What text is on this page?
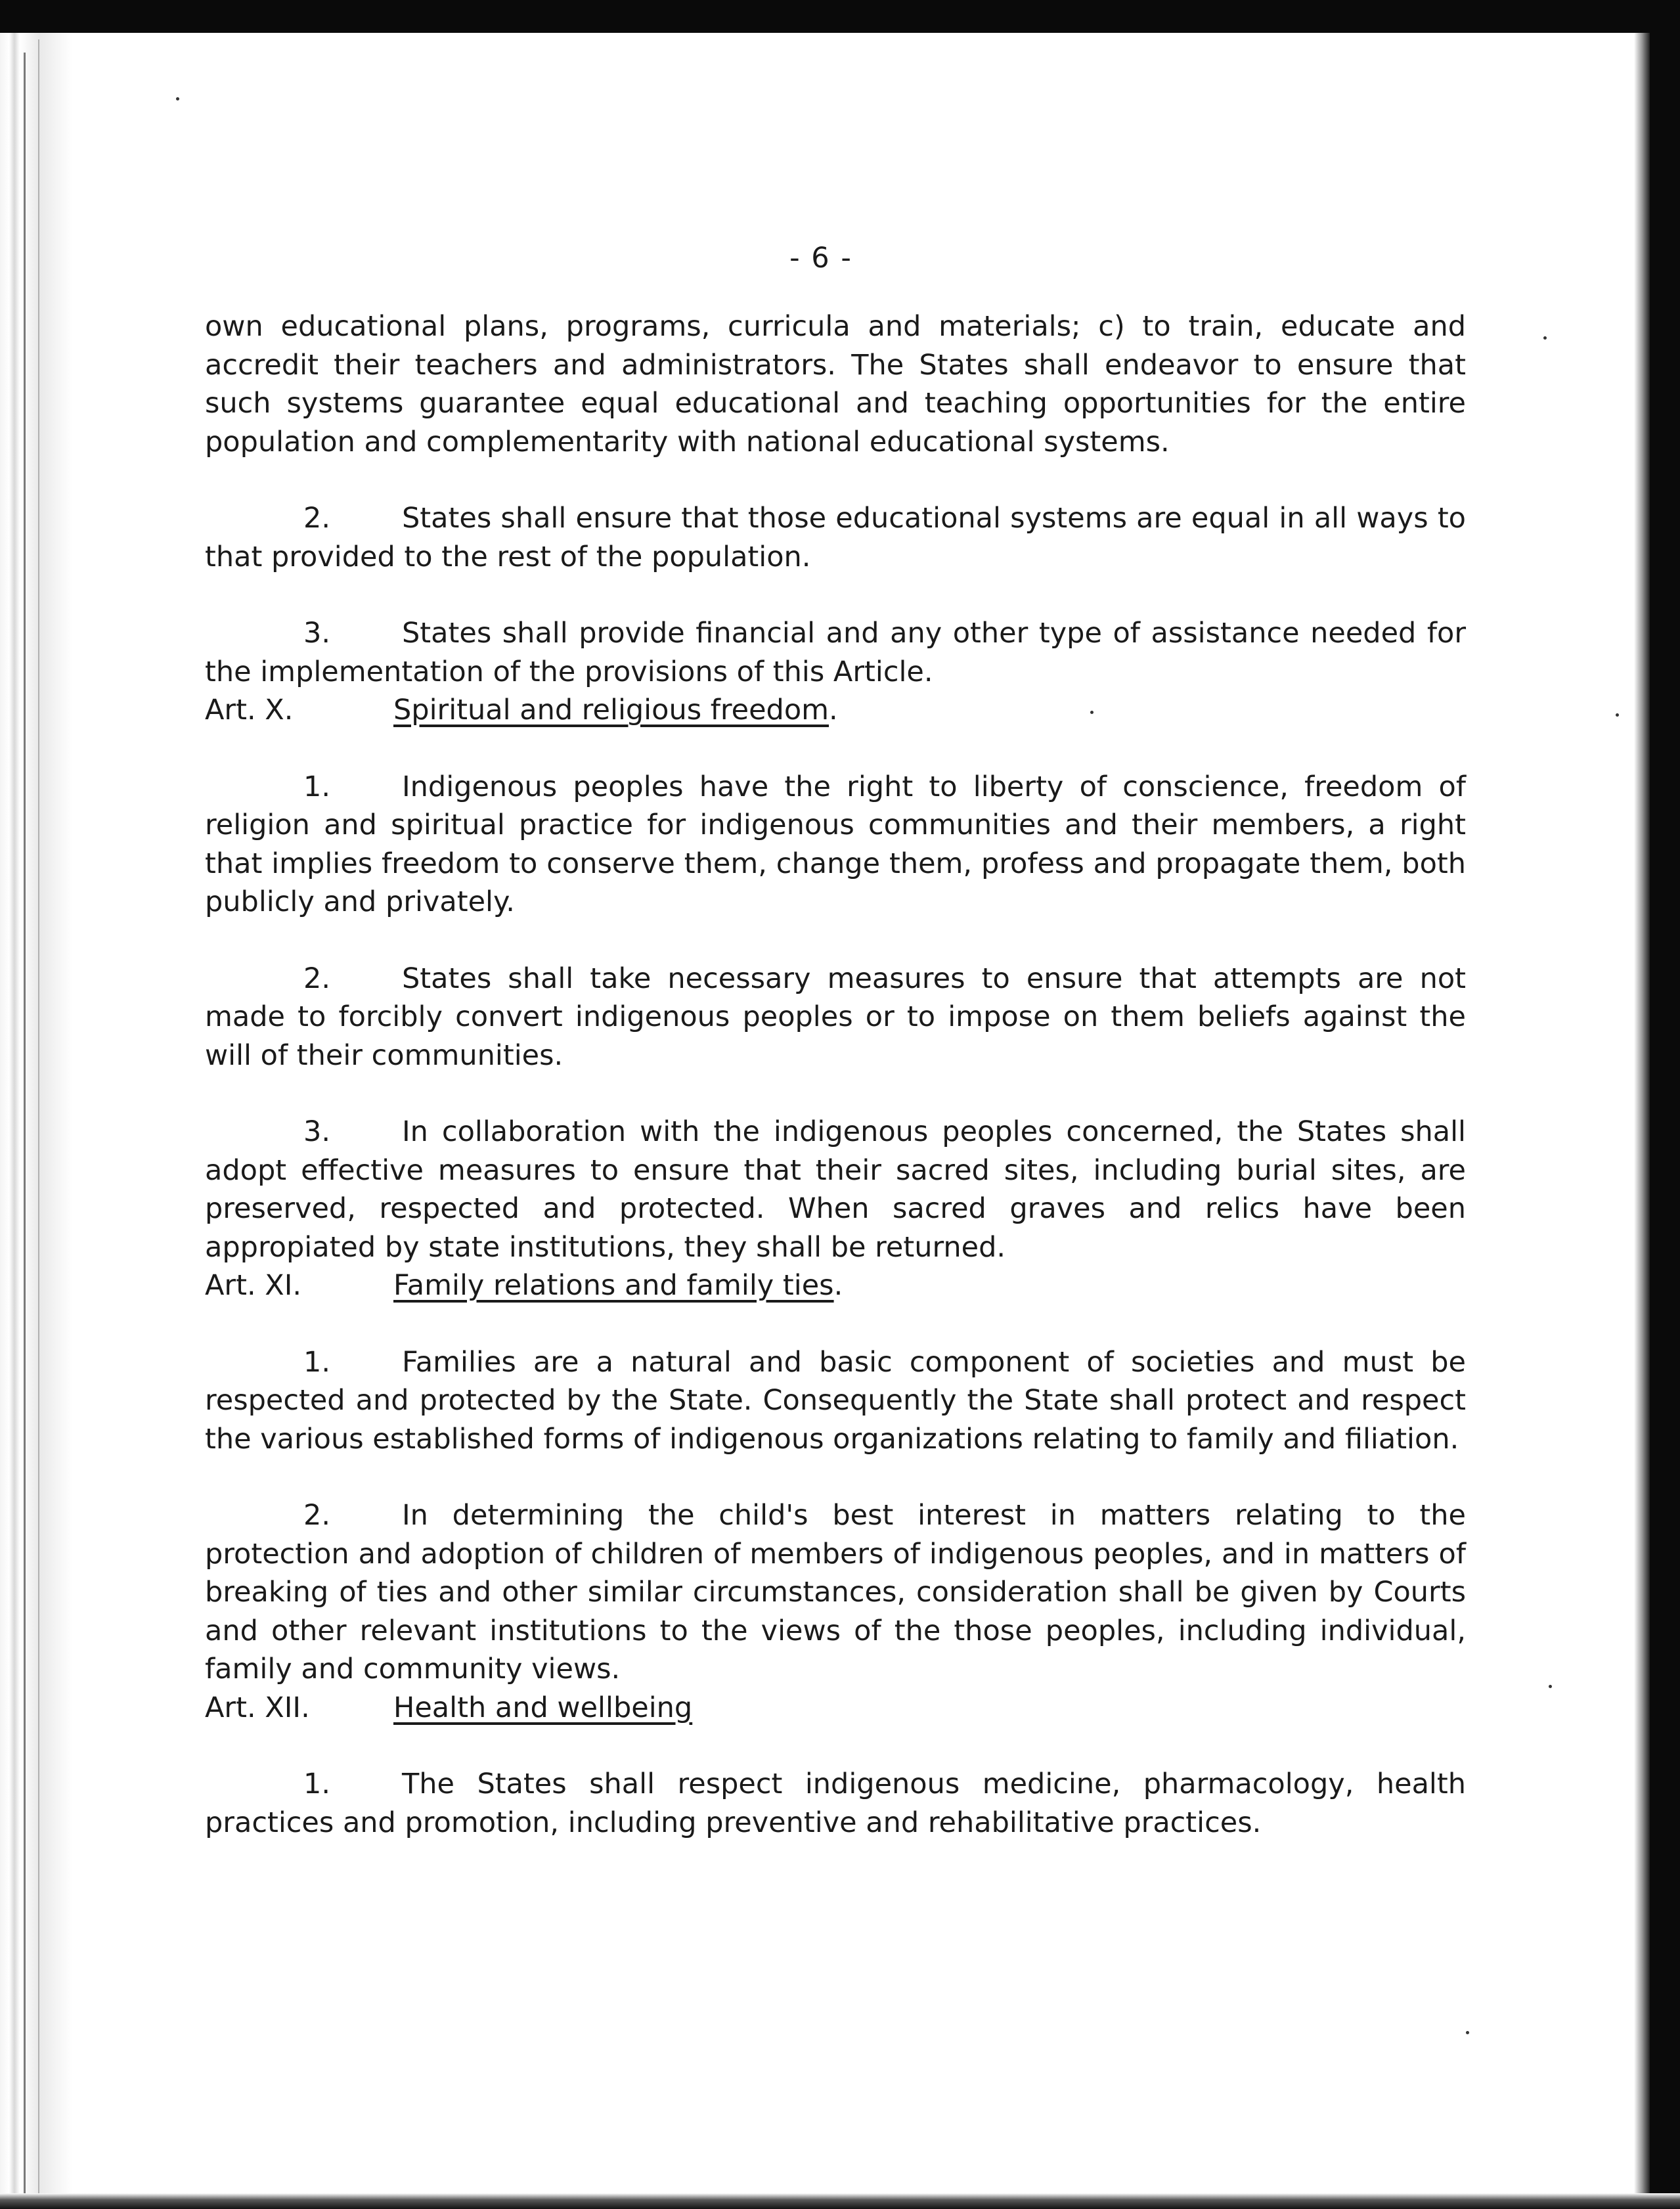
- 6 -

own educational plans, programs, curricula and materials; c) to train, educate and accredit their teachers and administrators. The States shall endeavor to ensure that such systems guarantee equal educational and teaching opportunities for the entire population and complementarity with national educational systems.

2.	States shall ensure that those educational systems are equal in all ways to that provided to the rest of the population.

3.	States shall provide financial and any other type of assistance needed for the implementation of the provisions of this Article.

Art. X.	Spiritual and religious freedom .

1.	Indigenous peoples have the right to liberty of conscience, freedom of religion and spiritual practice for indigenous communities and their members, a right that implies freedom to conserve them, change them, profess and propagate them, both publicly and privately.

2.	States shall take necessary measures to ensure that attempts are not made to forcibly convert indigenous peoples or to impose on them beliefs against the will of their communities.

3.	In collaboration with the indigenous peoples concerned, the States shall adopt effective measures to ensure that their sacred sites, including burial sites, are preserved, respected and protected. When sacred graves and relics have been appropiated by state institutions, they shall be returned.

Art. XI.	Family relations and family ties .

1.	Families are a natural and basic component of societies and must be respected and protected by the State. Consequently the State shall protect and respect the various established forms of indigenous organizations relating to family and filiation.

2.	In determining the child's best interest in matters relating to the protection and adoption of children of members of indigenous peoples, and in matters of breaking of ties and other similar circumstances, consideration shall be given by Courts and other relevant institutions to the views of the those peoples, including individual, family and community views.

Art. XII.	Health and wellbeing

1.	The States shall respect indigenous medicine, pharmacology, health practices and promotion, including preventive and rehabilitative practices.
